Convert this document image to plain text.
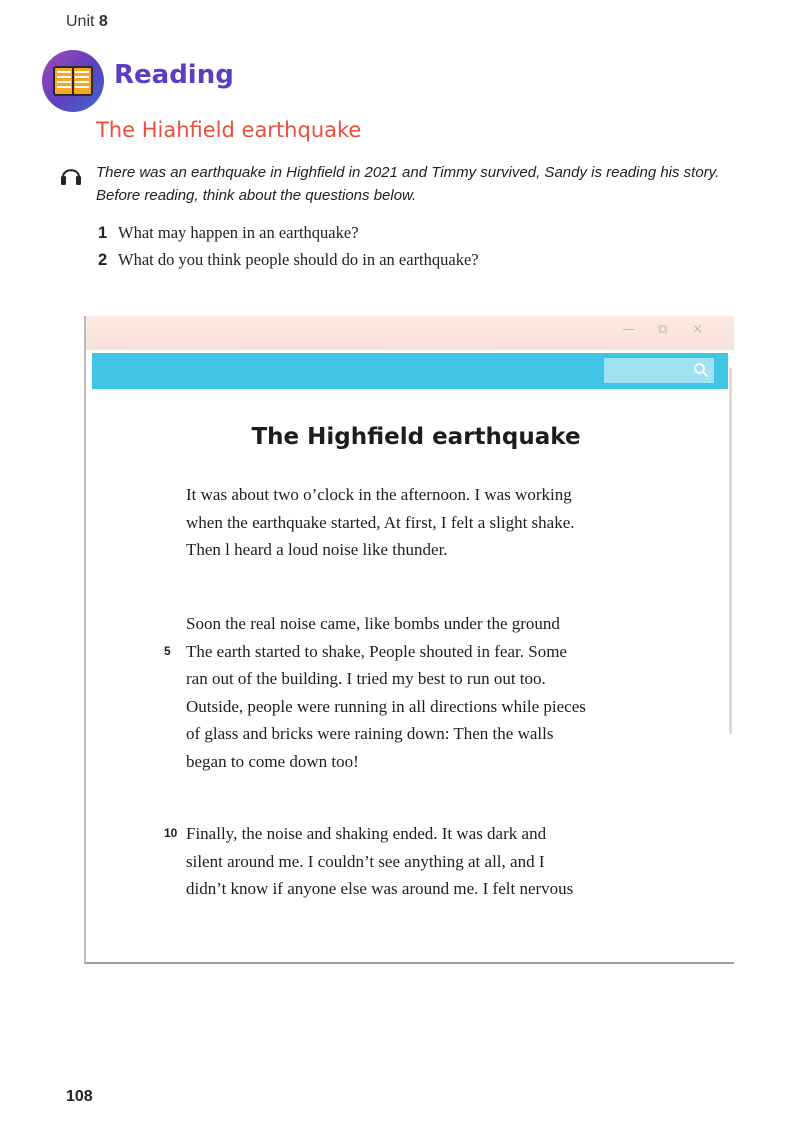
Unit 8
Reading
The Hiahfield earthquake
There was an earthquake in Highfield in 2021 and Timmy survived, Sandy is reading his story. Before reading, think about the questions below.
1 What may happen in an earthquake?
2 What do you think people should do in an earthquake?
— ⧉ ×
The Highfield earthquake
It was about two o’clock in the afternoon. I was working
when the earthquake started, At first, I felt a slight shake.
Then l heard a loud noise like thunder.
Soon the real noise came, like bombs under the ground
5 The earth started to shake, People shouted in fear. Some
ran out of the building. I tried my best to run out too.
Outside, people were running in all directions while pieces
of glass and bricks were raining down: Then the walls
began to come down too!
10 Finally, the noise and shaking ended. It was dark and
silent around me. I couldn’t see anything at all, and I
didn’t know if anyone else was around me. I felt nervous
108
